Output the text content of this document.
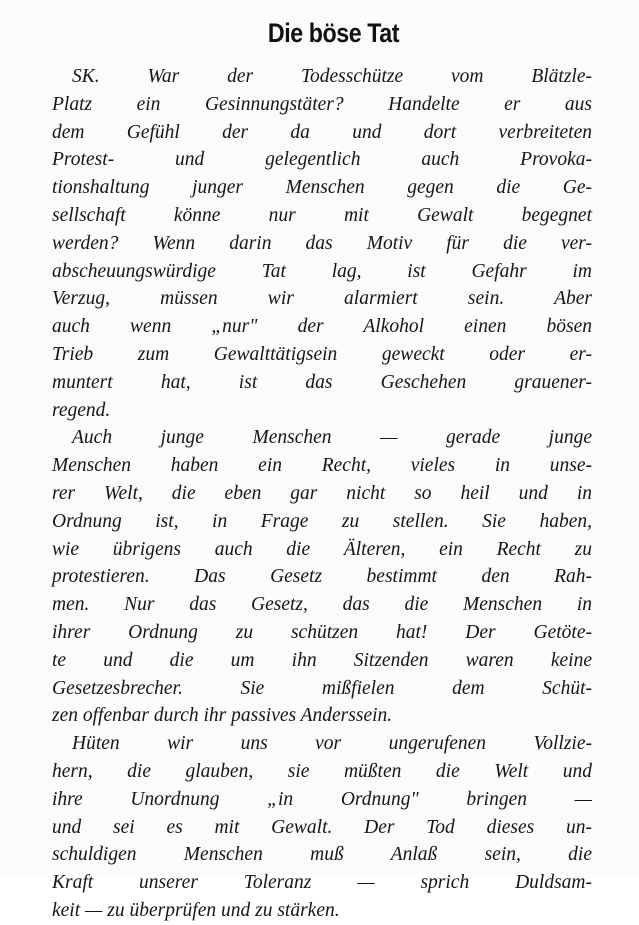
Die böse Tat
SK. War der Todesschütze vom Blätzle-
Platz ein Gesinnungstäter? Handelte er aus
dem Gefühl der da und dort verbreiteten
Protest- und gelegentlich auch Provoka-
tionshaltung junger Menschen gegen die Ge-
sellschaft könne nur mit Gewalt begegnet
werden? Wenn darin das Motiv für die ver-
abscheuungswürdige Tat lag, ist Gefahr im
Verzug, müssen wir alarmiert sein. Aber
auch wenn „nur" der Alkohol einen bösen
Trieb zum Gewalttätigsein geweckt oder er-
muntert hat, ist das Geschehen grauener-
regend.
Auch junge Menschen — gerade junge
Menschen haben ein Recht, vieles in unse-
rer Welt, die eben gar nicht so heil und in
Ordnung ist, in Frage zu stellen. Sie haben,
wie übrigens auch die Älteren, ein Recht zu
protestieren. Das Gesetz bestimmt den Rah-
men. Nur das Gesetz, das die Menschen in
ihrer Ordnung zu schützen hat! Der Getöte-
te und die um ihn Sitzenden waren keine
Gesetzesbrecher. Sie mißfielen dem Schüt-
zen offenbar durch ihr passives Anderssein.
Hüten wir uns vor ungerufenen Vollzie-
hern, die glauben, sie müßten die Welt und
ihre Unordnung „in Ordnung" bringen —
und sei es mit Gewalt. Der Tod dieses un-
schuldigen Menschen muß Anlaß sein, die
Kraft unserer Toleranz — sprich Duldsam-
keit — zu überprüfen und zu stärken.
